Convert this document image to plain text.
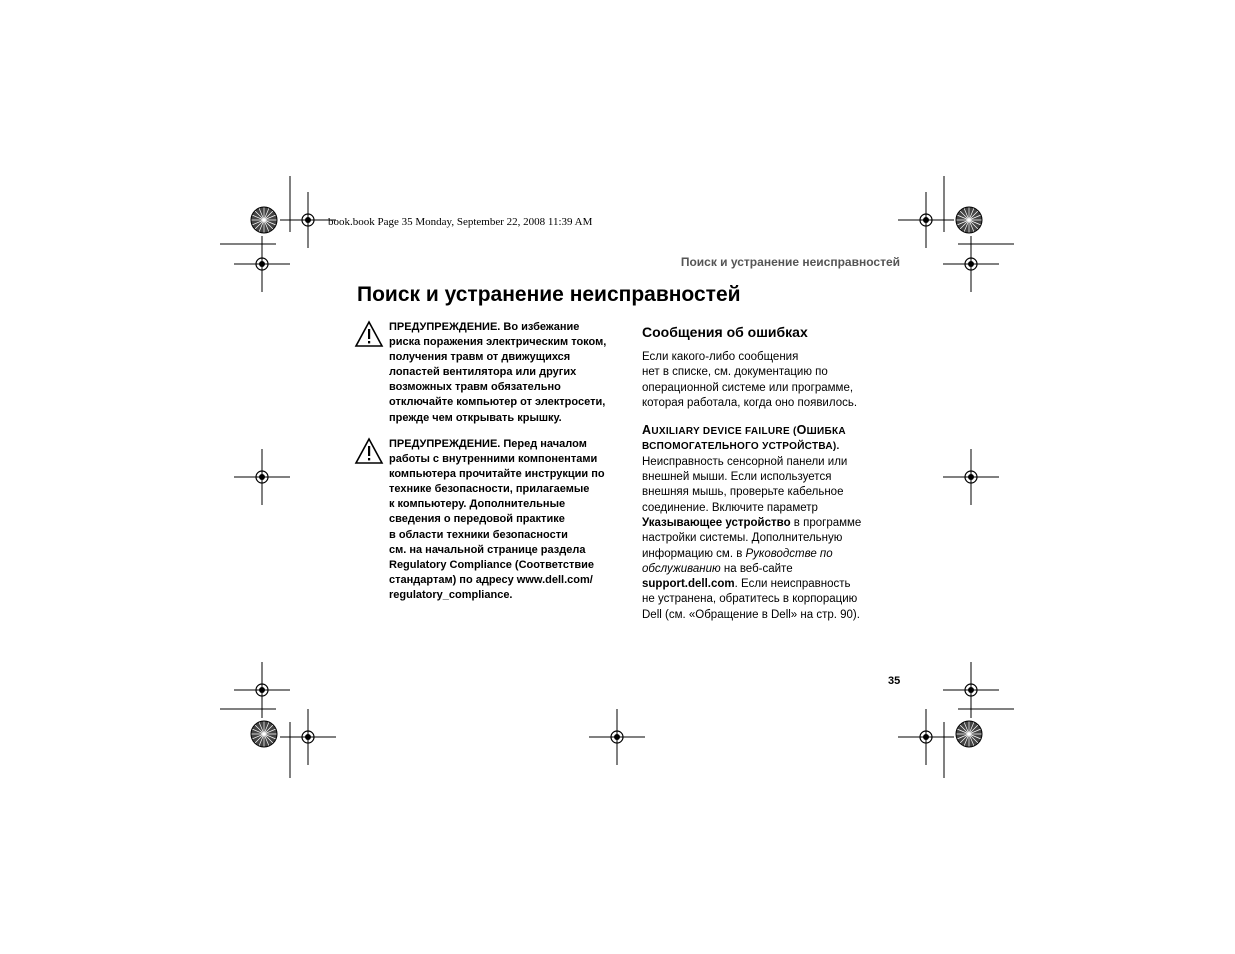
book.book Page 35 Monday, September 22, 2008 11:39 AM
Поиск и устранение неисправностей
Поиск и устранение неисправностей
ПРЕДУПРЕЖДЕНИЕ. Во избежание
риска поражения электрическим током,
получения травм от движущихся
лопастей вентилятора или других
возможных травм обязательно
отключайте компьютер от электросети,
прежде чем открывать крышку.
ПРЕДУПРЕЖДЕНИЕ. Перед началом
работы с внутренними компонентами
компьютера прочитайте инструкции по
технике безопасности, прилагаемые
к компьютеру. Дополнительные
сведения о передовой практике
в области техники безопасности
см. на начальной странице раздела
Regulatory Compliance (Соответствие
стандартам) по адресу www.dell.com/
regulatory_compliance.
Сообщения об ошибках
Если какого-либо сообщения
нет в списке, см. документацию по
операционной системе или программе,
которая работала, когда оно появилось.
AUXILIARY DEVICE FAILURE (ОШИБКА
ВСПОМОГАТЕЛЬНОГО УСТРОЙСТВА).
Неисправность сенсорной панели или
внешней мыши. Если используется
внешняя мышь, проверьте кабельное
соединение. Включите параметр
Указывающее устройство в программе
настройки системы. Дополнительную
информацию см. в Руководстве по
обслуживанию на веб-сайте
support.dell.com. Если неисправность
не устранена, обратитесь в корпорацию
Dell (см. «Обращение в Dell» на стр. 90).
35
